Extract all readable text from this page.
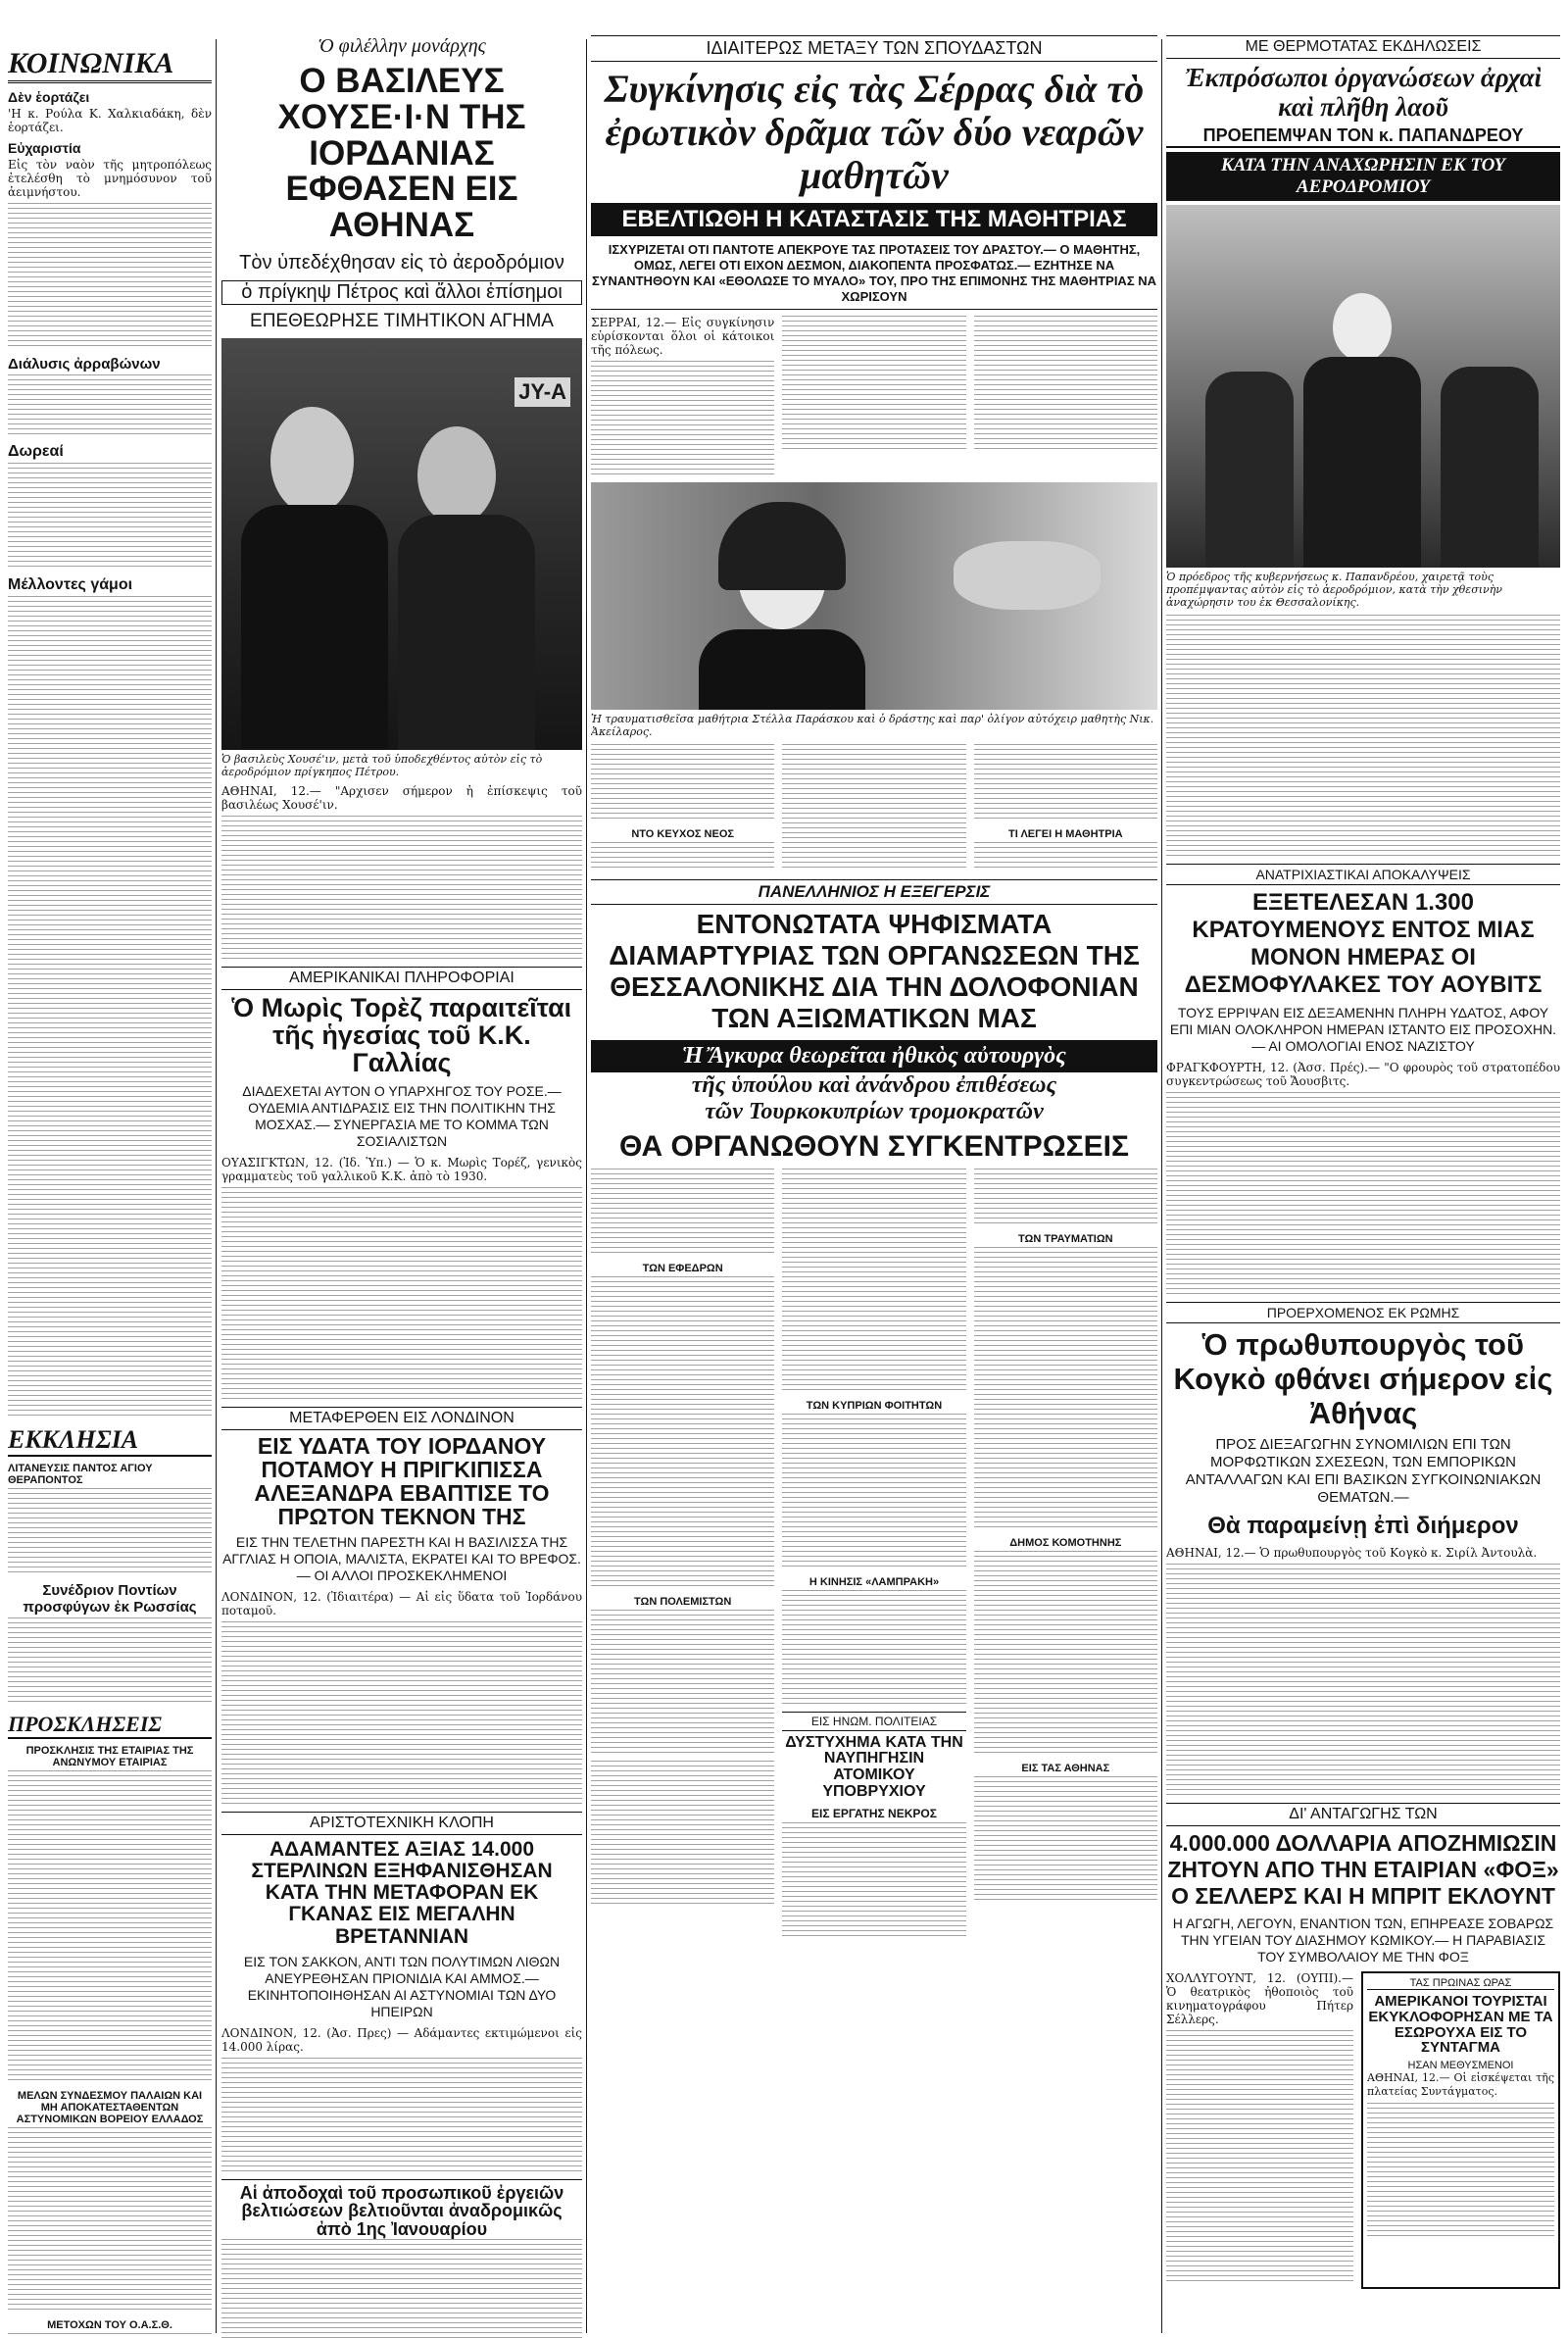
ΚΟΙΝΩΝΙΚΑ
Δὲν ἑορτάζει

'Η κ. Ρούλα Κ. Χαλκιαδάκη, δὲν ἑορτάζει.

Εὐχαριστία

Εἰς τὸν ναὸν τῆς μητροπόλεως ἐτελέσθη τὸ μνημόσυνον τοῦ ἀειμνήστου.

Διάλυσις ἀρραβώνων
Δωρεαί
Μέλλοντες γάμοι
ΕΚΚΛΗΣΙΑ
ΛΙΤΑΝΕΥΣΙΣ ΠΑΝΤΟΣ ΑΓΙΟΥ ΘΕΡΑΠΟΝΤΟΣ
Συνέδριον Ποντίων προσφύγων ἐκ Ρωσσίας
ΠΡΟΣΚΛΗΣΕΙΣ
ΠΡΟΣΚΛΗΣΙΣ ΤΗΣ ΕΤΑΙΡΙΑΣ ΤΗΣ ΑΝΩΝΥΜΟΥ ΕΤΑΙΡΙΑΣ
ΜΕΛΩΝ ΣΥΝΔΕΣΜΟΥ ΠΑΛΑΙΩΝ ΚΑΙ ΜΗ ΑΠΟΚΑΤΕΣΤΑΘΕΝΤΩΝ ΑΣΤΥΝΟΜΙΚΩΝ ΒΟΡΕΙΟΥ ΕΛΛΑΔΟΣ
ΜΕΤΟΧΩΝ ΤΟΥ Ο.Α.Σ.Θ.
Ὁ φιλέλλην μονάρχης
Ο ΒΑΣΙΛΕΥΣ ΧΟΥΣΕ·Ι·Ν ΤΗΣ ΙΟΡΔΑΝΙΑΣ ΕΦΘΑΣΕΝ ΕΙΣ ΑΘΗΝΑΣ
Τὸν ὑπεδέχθησαν εἰς τὸ ἀεροδρόμιον
ὁ πρίγκηψ Πέτρος καὶ ἄλλοι ἐπίσημοι
ΕΠΕΘΕΩΡΗΣΕ ΤΙΜΗΤΙΚΟΝ ΑΓΗΜΑ
JY-A

Ὁ βασιλεὺς Χουσέ'ιν, μετὰ τοῦ ὑποδεχθέντος αὐτὸν εἰς τὸ ἀεροδρόμιον πρίγκηπος Πέτρου.

ΑΘΗΝΑΙ, 12.— "Αρχισεν σήμερον ἡ ἐπίσκεψις τοῦ βασιλέως Χουσέ'ιν.

ΑΜΕΡΙΚΑΝΙΚΑΙ ΠΛΗΡΟΦΟΡΙΑΙ
Ὁ Μωρὶς Τορὲζ παραιτεῖται τῆς ἡγεσίας τοῦ Κ.Κ. Γαλλίας
ΔΙΑΔΕΧΕΤΑΙ ΑΥΤΟΝ Ο ΥΠΑΡΧΗΓΟΣ ΤΟΥ ΡΟΣΕ.— ΟΥΔΕΜΙΑ ΑΝΤΙΔΡΑΣΙΣ ΕΙΣ ΤΗΝ ΠΟΛΙΤΙΚΗΝ ΤΗΣ ΜΟΣΧΑΣ.— ΣΥΝΕΡΓΑΣΙΑ ΜΕ ΤΟ ΚΟΜΜΑ ΤΩΝ ΣΟΣΙΑΛΙΣΤΩΝ

ΟΥΑΣΙΓΚΤΩΝ, 12. (Ἰδ. Ὑπ.) — Ὁ κ. Μωρὶς Τορέζ, γενικὸς γραμματεὺς τοῦ γαλλικοῦ Κ.Κ. ἀπὸ τὸ 1930.

ΜΕΤΑΦΕΡΘΕΝ ΕΙΣ ΛΟΝΔΙΝΟΝ
ΕΙΣ ΥΔΑΤΑ ΤΟΥ ΙΟΡΔΑΝΟΥ ΠΟΤΑΜΟΥ Η ΠΡΙΓΚΙΠΙΣΣΑ ΑΛΕΞΑΝΔΡΑ ΕΒΑΠΤΙΣΕ ΤΟ ΠΡΩΤΟΝ ΤΕΚΝΟΝ ΤΗΣ
ΕΙΣ ΤΗΝ ΤΕΛΕΤΗΝ ΠΑΡΕΣΤΗ ΚΑΙ Η ΒΑΣΙΛΙΣΣΑ ΤΗΣ ΑΓΓΛΙΑΣ Η ΟΠΟΙΑ, ΜΑΛΙΣΤΑ, ΕΚΡΑΤΕΙ ΚΑΙ ΤΟ ΒΡΕΦΟΣ.— ΟΙ ΑΛΛΟΙ ΠΡΟΣΚΕΚΛΗΜΕΝΟΙ

ΛΟΝΔΙΝΟΝ, 12. (Ἰδιαιτέρα) — Αἱ εἰς ὕδατα τοῦ Ἰορδάνου ποταμοῦ.

ΑΡΙΣΤΟΤΕΧΝΙΚΗ ΚΛΟΠΗ
ΑΔΑΜΑΝΤΕΣ ΑΞΙΑΣ 14.000 ΣΤΕΡΛΙΝΩΝ ΕΞΗΦΑΝΙΣΘΗΣΑΝ ΚΑΤΑ ΤΗΝ ΜΕΤΑΦΟΡΑΝ ΕΚ ΓΚΑΝΑΣ ΕΙΣ ΜΕΓΑΛΗΝ ΒΡΕΤΑΝΝΙΑΝ
ΕΙΣ ΤΟΝ ΣΑΚΚΟΝ, ΑΝΤΙ ΤΩΝ ΠΟΛΥΤΙΜΩΝ ΛΙΘΩΝ ΑΝΕΥΡΕΘΗΣΑΝ ΠΡΙΟΝΙΔΙΑ ΚΑΙ ΑΜΜΟΣ.— ΕΚΙΝΗΤΟΠΟΙΗΘΗΣΑΝ ΑΙ ΑΣΤΥΝΟΜΙΑΙ ΤΩΝ ΔΥΟ ΗΠΕΙΡΩΝ

ΛΟΝΔΙΝΟΝ, 12. (Ἀσ. Πρες) — Αδάμαντες εκτιμώμενοι εἰς 14.000 λίρας.

Αἱ ἀποδοχαὶ τοῦ προσωπικοῦ ἐργειῶν βελτιώσεων βελτιοῦνται ἀναδρομικῶς ἀπὸ 1ης Ἰανουαρίου
ΙΔΙΑΙΤΕΡΩΣ ΜΕΤΑΞΥ ΤΩΝ ΣΠΟΥΔΑΣΤΩΝ
Συγκίνησις εἰς τὰς Σέρρας διὰ τὸ ἐρωτικὸν δρᾶμα τῶν δύο νεαρῶν μαθητῶν
ΕΒΕΛΤΙΩΘΗ Η ΚΑΤΑΣΤΑΣΙΣ ΤΗΣ ΜΑΘΗΤΡΙΑΣ
ΙΣΧΥΡΙΖΕΤΑΙ ΟΤΙ ΠΑΝΤΟΤΕ ΑΠΕΚΡΟΥΕ ΤΑΣ ΠΡΟΤΑΣΕΙΣ ΤΟΥ ΔΡΑΣΤΟΥ.— Ο ΜΑΘΗΤΗΣ, ΟΜΩΣ, ΛΕΓΕΙ ΟΤΙ ΕΙΧΟΝ ΔΕΣΜΟΝ, ΔΙΑΚΟΠΕΝΤΑ ΠΡΟΣΦΑΤΩΣ.— ΕΖΗΤΗΣΕ ΝΑ ΣΥΝΑΝΤΗΘΟΥΝ ΚΑΙ «ΕΘΟΛΩΣΕ ΤΟ ΜΥΑΛΟ» ΤΟΥ, ΠΡΟ ΤΗΣ ΕΠΙΜΟΝΗΣ ΤΗΣ ΜΑΘΗΤΡΙΑΣ ΝΑ ΧΩΡΙΣΟΥΝ

ΣΕΡΡΑΙ, 12.— Εἰς συγκίνησιν εὑρίσκονται ὅλοι οἱ κάτοικοι τῆς πόλεως.

Ἡ τραυματισθεῖσα μαθήτρια Στέλλα Παράσκου καὶ ὁ δράστης καὶ παρ' ὀλίγον αὐτόχειρ μαθητὴς Νικ. Ἀκείλαρος.

ΝΤΟ ΚΕΥΧΟΣ ΝΕΟΣ	ΤΙ ΛΕΓΕΙ Η ΜΑΘΗΤΡΙΑ
ΠΑΝΕΛΛΗΝΙΟΣ Η ΕΞΕΓΕΡΣΙΣ
ΕΝΤΟΝΩΤΑΤΑ ΨΗΦΙΣΜΑΤΑ ΔΙΑΜΑΡΤΥΡΙΑΣ ΤΩΝ ΟΡΓΑΝΩΣΕΩΝ ΤΗΣ ΘΕΣΣΑΛΟΝΙΚΗΣ ΔΙΑ ΤΗΝ ΔΟΛΟΦΟΝΙΑΝ ΤΩΝ ΑΞΙΩΜΑΤΙΚΩΝ ΜΑΣ
Ἡ Ἄγκυρα θεωρεῖται ἠθικὸς αὐτουργὸς
τῆς ὑπούλου καὶ ἀνάνδρου ἐπιθέσεως
τῶν Τουρκοκυπρίων τρομοκρατῶν
ΘΑ ΟΡΓΑΝΩΘΟΥΝ ΣΥΓΚΕΝΤΡΩΣΕΙΣ
ΤΩΝ ΕΦΕΔΡΩΝ
ΤΩΝ ΠΟΛΕΜΙΣΤΩΝ
ΤΩΝ ΚΥΠΡΙΩΝ ΦΟΙΤΗΤΩΝ
Η ΚΙΝΗΣΙΣ «ΛΑΜΠΡΑΚΗ»
ΕΙΣ ΗΝΩΜ. ΠΟΛΙΤΕΙΑΣ
ΔΥΣΤΥΧΗΜΑ ΚΑΤΑ ΤΗΝ ΝΑΥΠΗΓΗΣΙΝ ΑΤΟΜΙΚΟΥ ΥΠΟΒΡΥΧΙΟΥ
ΕΙΣ ΕΡΓΑΤΗΣ ΝΕΚΡΟΣ
ΤΩΝ ΤΡΑΥΜΑΤΙΩΝ
ΔΗΜΟΣ ΚΟΜΟΤΗΝΗΣ
ΕΙΣ ΤΑΣ ΑΘΗΝΑΣ
ΜΕ ΘΕΡΜΟΤΑΤΑΣ ΕΚΔΗΛΩΣΕΙΣ
Ἐκπρόσωποι ὀργανώσεων ἀρχαὶ καὶ πλῆθη λαοῦ
ΠΡΟΕΠΕΜΨΑΝ ΤΟΝ κ. ΠΑΠΑΝΔΡΕΟΥ
ΚΑΤΑ ΤΗΝ ΑΝΑΧΩΡΗΣΙΝ ΕΚ ΤΟΥ ΑΕΡΟΔΡΟΜΙΟΥ

Ὁ πρόεδρος τῆς κυβερνήσεως κ. Παπανδρέου, χαιρετᾷ τοὺς προπέμψαντας αὐτὸν εἰς τὸ ἀεροδρόμιον, κατὰ τὴν χθεσινὴν ἀναχώρησιν του ἐκ Θεσσαλονίκης.

ΑΝΑΤΡΙΧΙΑΣΤΙΚΑΙ ΑΠΟΚΑΛΥΨΕΙΣ
ΕΞΕΤΕΛΕΣΑΝ 1.300 ΚΡΑΤΟΥΜΕΝΟΥΣ ΕΝΤΟΣ ΜΙΑΣ ΜΟΝΟΝ ΗΜΕΡΑΣ ΟΙ ΔΕΣΜΟΦΥΛΑΚΕΣ ΤΟΥ ΑΟΥΒΙΤΣ
ΤΟΥΣ ΕΡΡΙΨΑΝ ΕΙΣ ΔΕΞΑΜΕΝΗΝ ΠΛΗΡΗ ΥΔΑΤΟΣ, ΑΦΟΥ ΕΠΙ ΜΙΑΝ ΟΛΟΚΛΗΡΟΝ ΗΜΕΡΑΝ ΙΣΤΑΝΤΟ ΕΙΣ ΠΡΟΣΟΧΗΝ.— ΑΙ ΟΜΟΛΟΓΙΑΙ ΕΝΟΣ ΝΑΖΙΣΤΟΥ

ΦΡΑΓΚΦΟΥΡΤΗ, 12. (Ἀσσ. Πρές).— "Ο φρουρὸς τοῦ στρατοπέδου συγκεντρώσεως τοῦ Ἄουσβιτς.

ΠΡΟΕΡΧΟΜΕΝΟΣ ΕΚ ΡΩΜΗΣ
Ὁ πρωθυπουργὸς τοῦ Κογκὸ φθάνει σήμερον εἰς Ἀθήνας
ΠΡΟΣ ΔΙΕΞΑΓΩΓΗΝ ΣΥΝΟΜΙΛΙΩΝ ΕΠΙ ΤΩΝ ΜΟΡΦΩΤΙΚΩΝ ΣΧΕΣΕΩΝ, ΤΩΝ ΕΜΠΟΡΙΚΩΝ ΑΝΤΑΛΛΑΓΩΝ ΚΑΙ ΕΠΙ ΒΑΣΙΚΩΝ ΣΥΓΚΟΙΝΩΝΙΑΚΩΝ ΘΕΜΑΤΩΝ.—
Θὰ παραμείνῃ ἐπὶ διήμερον

ΑΘΗΝΑΙ, 12.— Ὁ πρωθυπουργὸς τοῦ Κογκὸ κ. Σιρίλ Ἀντουλὰ.

ΔΙ' ΑΝΤΑΓΩΓΗΣ ΤΩΝ
4.000.000 ΔΟΛΛΑΡΙΑ ΑΠΟΖΗΜΙΩΣΙΝ ΖΗΤΟΥΝ ΑΠΟ ΤΗΝ ΕΤΑΙΡΙΑΝ «ΦΟΞ» Ο ΣΕΛΛΕΡΣ ΚΑΙ Η ΜΠΡΙΤ ΕΚΛΟΥΝΤ
Η ΑΓΩΓΗ, ΛΕΓΟΥΝ, ΕΝΑΝΤΙΟΝ ΤΩΝ, ΕΠΗΡΕΑΣΕ ΣΟΒΑΡΩΣ ΤΗΝ ΥΓΕΙΑΝ ΤΟΥ ΔΙΑΣΗΜΟΥ ΚΩΜΙΚΟΥ.— Η ΠΑΡΑΒΙΑΣΙΣ ΤΟΥ ΣΥΜΒΟΛΑΙΟΥ ΜΕ ΤΗΝ ΦΟΞ

ΧΟΛΛΥΓΟΥΝΤ, 12. (ΟΥΠΙ).— Ὁ θεατρικὸς ἠθοποιὸς τοῦ κινηματογράφου Πήτερ Σέλλερς.

ΤΑΣ ΠΡΩΙΝΑΣ ΩΡΑΣ
ΑΜΕΡΙΚΑΝΟΙ ΤΟΥΡΙΣΤΑΙ ΕΚΥΚΛΟΦΟΡΗΣΑΝ ΜΕ ΤΑ ΕΣΩΡΟΥΧΑ ΕΙΣ ΤΟ ΣΥΝΤΑΓΜΑ
ΗΣΑΝ ΜΕΘΥΣΜΕΝΟΙ

ΑΘΗΝΑΙ, 12.— Οἱ εἰσκέψεται τῆς πλατείας Συντάγματος.
